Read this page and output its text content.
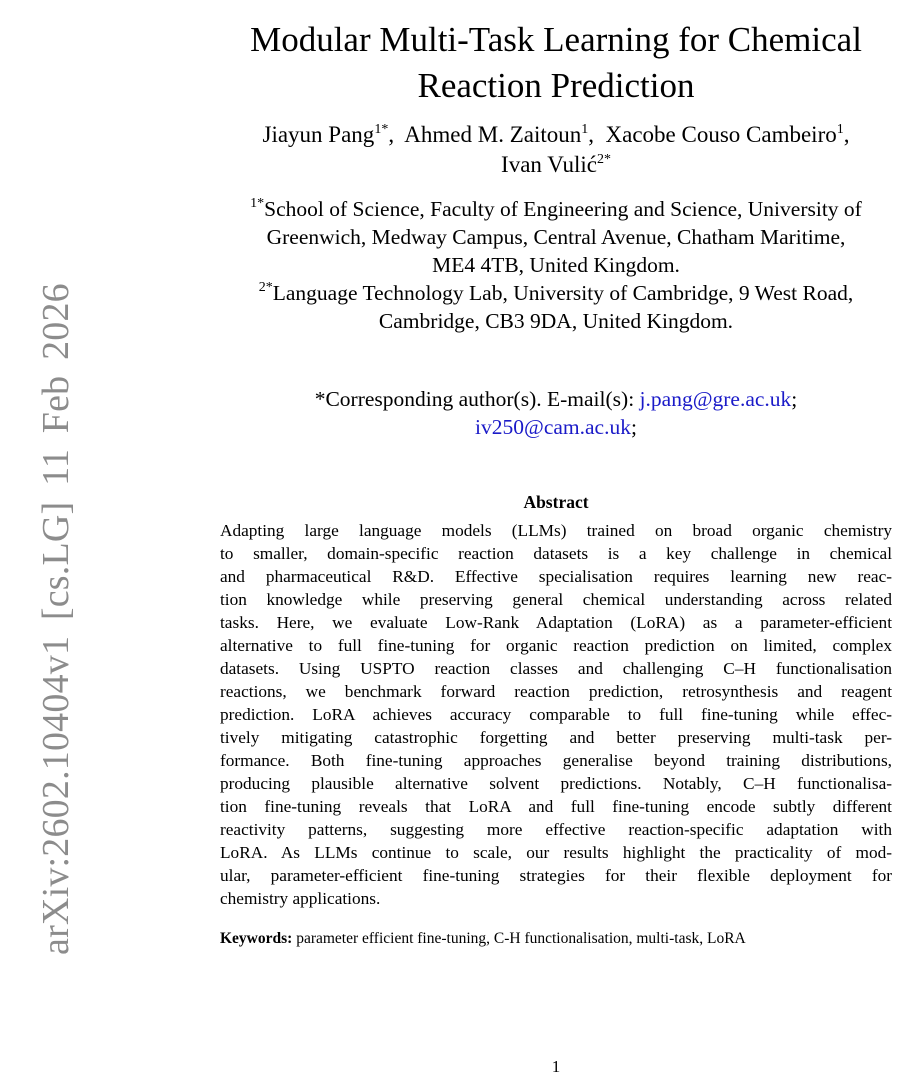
arXiv:2602.10404v1 [cs.LG] 11 Feb 2026
Modular Multi-Task Learning for Chemical
Reaction Prediction
Jiayun Pang$^{1*}$,  Ahmed M. Zaitoun$^1$,  Xacobe Couso Cambeiro$^1$,
Ivan Vulić$^{2*}$
$^{1*}$School of Science, Faculty of Engineering and Science, University of
Greenwich, Medway Campus, Central Avenue, Chatham Maritime,
ME4 4TB, United Kingdom.
$^{2*}$Language Technology Lab, University of Cambridge, 9 West Road,
Cambridge, CB3 9DA, United Kingdom.
*Corresponding author(s). E-mail(s): j.pang@gre.ac.uk;
iv250@cam.ac.uk;
Abstract
Adapting large language models (LLMs) trained on broad organic chemistry
to smaller, domain-specific reaction datasets is a key challenge in chemical
and pharmaceutical R&D. Effective specialisation requires learning new reac-
tion knowledge while preserving general chemical understanding across related
tasks. Here, we evaluate Low-Rank Adaptation (LoRA) as a parameter-efficient
alternative to full fine-tuning for organic reaction prediction on limited, complex
datasets. Using USPTO reaction classes and challenging C–H functionalisation
reactions, we benchmark forward reaction prediction, retrosynthesis and reagent
prediction. LoRA achieves accuracy comparable to full fine-tuning while effec-
tively mitigating catastrophic forgetting and better preserving multi-task per-
formance. Both fine-tuning approaches generalise beyond training distributions,
producing plausible alternative solvent predictions. Notably, C–H functionalisa-
tion fine-tuning reveals that LoRA and full fine-tuning encode subtly different
reactivity patterns, suggesting more effective reaction-specific adaptation with
LoRA. As LLMs continue to scale, our results highlight the practicality of mod-
ular, parameter-efficient fine-tuning strategies for their flexible deployment for
chemistry applications.
Keywords: parameter efficient fine-tuning, C-H functionalisation, multi-task, LoRA
1
